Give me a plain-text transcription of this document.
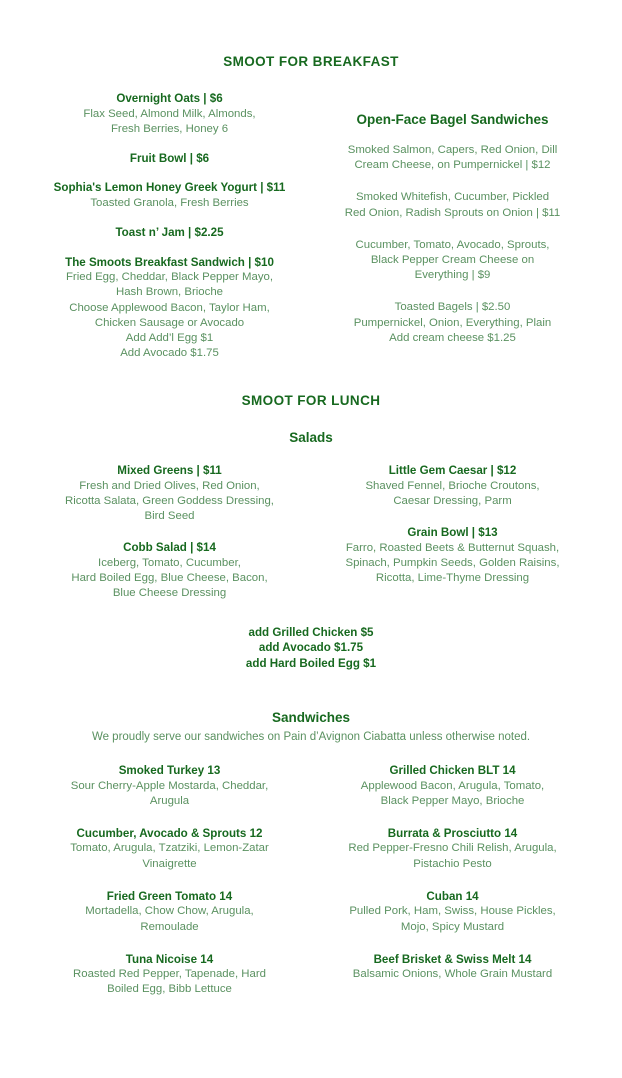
SMOOT FOR BREAKFAST
Overnight Oats | $6
Flax Seed, Almond Milk, Almonds,
Fresh Berries, Honey 6
Fruit Bowl | $6
Sophia's Lemon Honey Greek Yogurt | $11
Toasted Granola, Fresh Berries
Toast n’ Jam | $2.25
The Smoots Breakfast Sandwich | $10
Fried Egg, Cheddar, Black Pepper Mayo,
Hash Brown, Brioche
Choose Applewood Bacon, Taylor Ham,
Chicken Sausage or Avocado
Add Add’l Egg $1
Add Avocado $1.75
Open-Face Bagel Sandwiches
Smoked Salmon, Capers, Red Onion, Dill
Cream Cheese, on Pumpernickel | $12
Smoked Whitefish, Cucumber, Pickled
Red Onion, Radish Sprouts on Onion | $11
Cucumber, Tomato, Avocado, Sprouts,
Black Pepper Cream Cheese on
Everything | $9
Toasted Bagels | $2.50
Pumpernickel, Onion, Everything, Plain
Add cream cheese $1.25
SMOOT FOR LUNCH
Salads
Mixed Greens | $11
Fresh and Dried Olives, Red Onion,
Ricotta Salata, Green Goddess Dressing,
Bird Seed
Cobb Salad | $14
Iceberg, Tomato, Cucumber,
Hard Boiled Egg, Blue Cheese, Bacon,
Blue Cheese Dressing
Little Gem Caesar | $12
Shaved Fennel, Brioche Croutons,
Caesar Dressing, Parm
Grain Bowl | $13
Farro, Roasted Beets & Butternut Squash,
Spinach, Pumpkin Seeds, Golden Raisins,
Ricotta, Lime-Thyme Dressing

add Grilled Chicken $5
add Avocado $1.75
add Hard Boiled Egg $1

Sandwiches

We proudly serve our sandwiches on Pain d’Avignon Ciabatta unless otherwise noted.

Smoked Turkey 13
Sour Cherry-Apple Mostarda, Cheddar,
Arugula
Cucumber, Avocado & Sprouts 12
Tomato, Arugula, Tzatziki, Lemon-Zatar
Vinaigrette
Fried Green Tomato 14
Mortadella, Chow Chow, Arugula,
Remoulade
Tuna Nicoise 14
Roasted Red Pepper, Tapenade, Hard
Boiled Egg, Bibb Lettuce
Grilled Chicken BLT 14
Applewood Bacon, Arugula, Tomato,
Black Pepper Mayo, Brioche
Burrata & Prosciutto 14
Red Pepper-Fresno Chili Relish, Arugula,
Pistachio Pesto
Cuban 14
Pulled Pork, Ham, Swiss, House Pickles,
Mojo, Spicy Mustard
Beef Brisket & Swiss Melt 14
Balsamic Onions, Whole Grain Mustard
